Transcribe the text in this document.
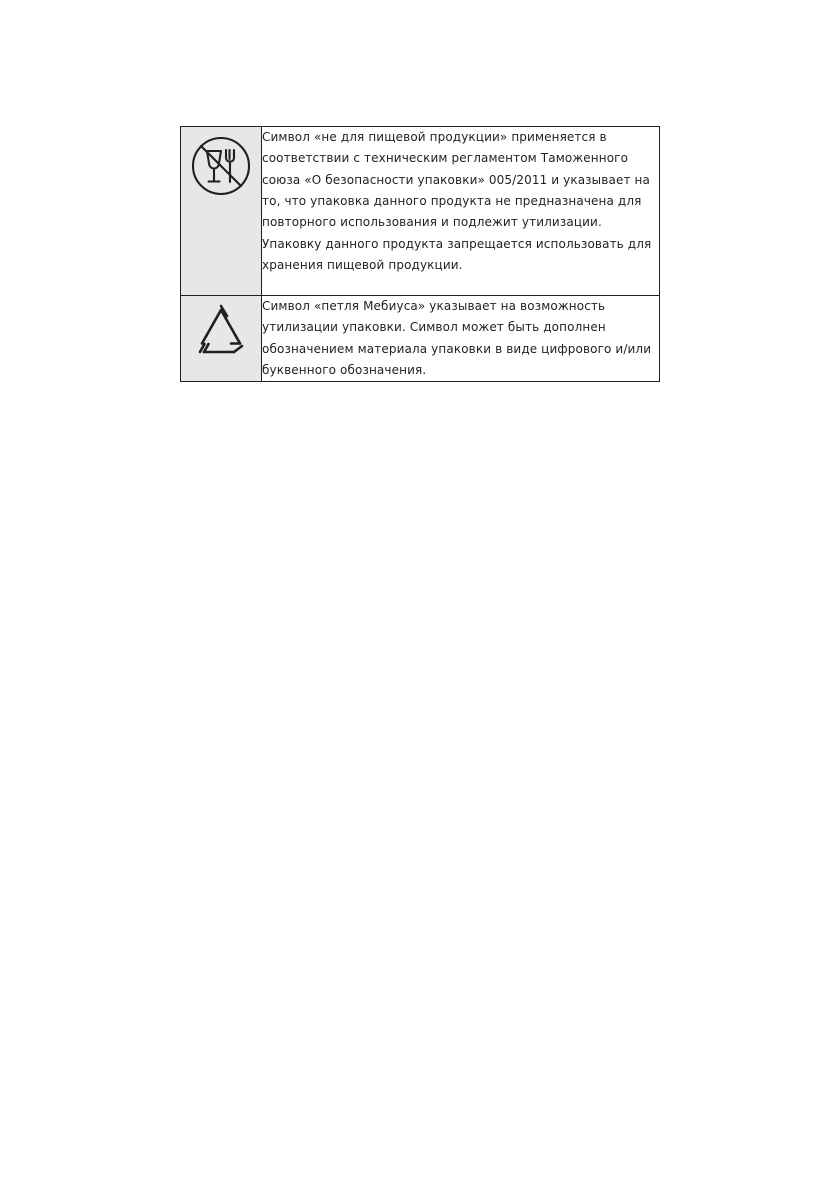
Символ «не для пищевой продукции» применяется в соответствии с техническим регламентом Таможенного союза «О безопасности упаковки» 005/2011 и указывает на то, что упаковка данного продукта не предназначена для повторного использования и подлежит утилизации. Упаковку данного продукта запрещается использовать для хранения пищевой продукции.

Символ «петля Мебиуса» указывает на возможность утилизации упаковки. Символ может быть дополнен обозначением материала упаковки в виде цифрового и/или буквенного обозначения.
